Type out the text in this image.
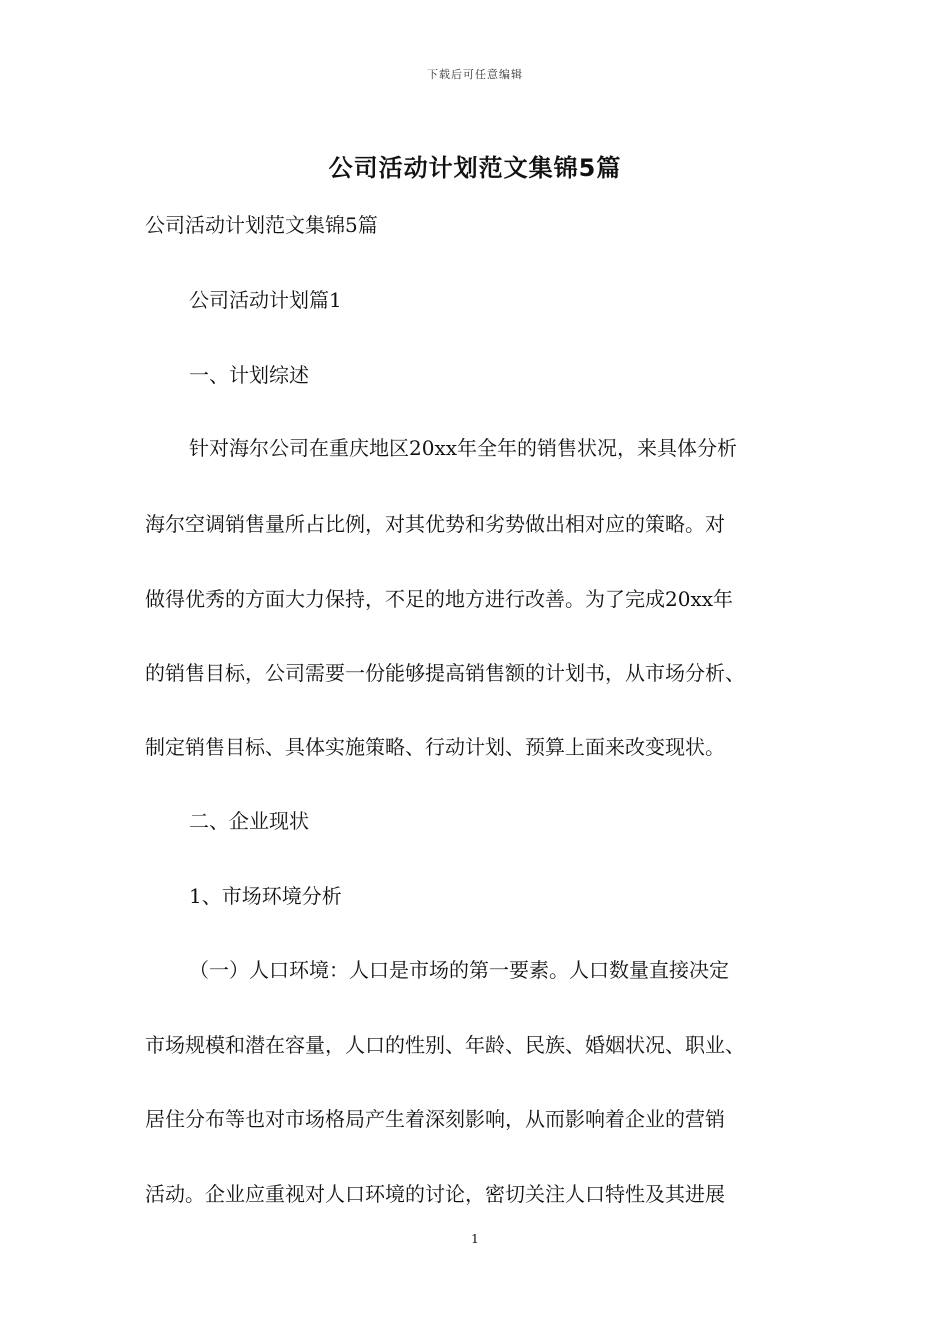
下载后可任意编辑
公司活动计划范文集锦5篇
公司活动计划范文集锦5篇
公司活动计划篇1
一、计划综述
针对海尔公司在重庆地区20xx年全年的销售状况，来具体分析
海尔空调销售量所占比例，对其优势和劣势做出相对应的策略。对
做得优秀的方面大力保持，不足的地方进行改善。为了完成20xx年
的销售目标，公司需要一份能够提高销售额的计划书，从市场分析、
制定销售目标、具体实施策略、行动计划、预算上面来改变现状。
二、企业现状
1、市场环境分析
（一）人口环境：人口是市场的第一要素。人口数量直接决定
市场规模和潜在容量，人口的性别、年龄、民族、婚姻状况、职业、
居住分布等也对市场格局产生着深刻影响，从而影响着企业的营销
活动。企业应重视对人口环境的讨论，密切关注人口特性及其进展
1
